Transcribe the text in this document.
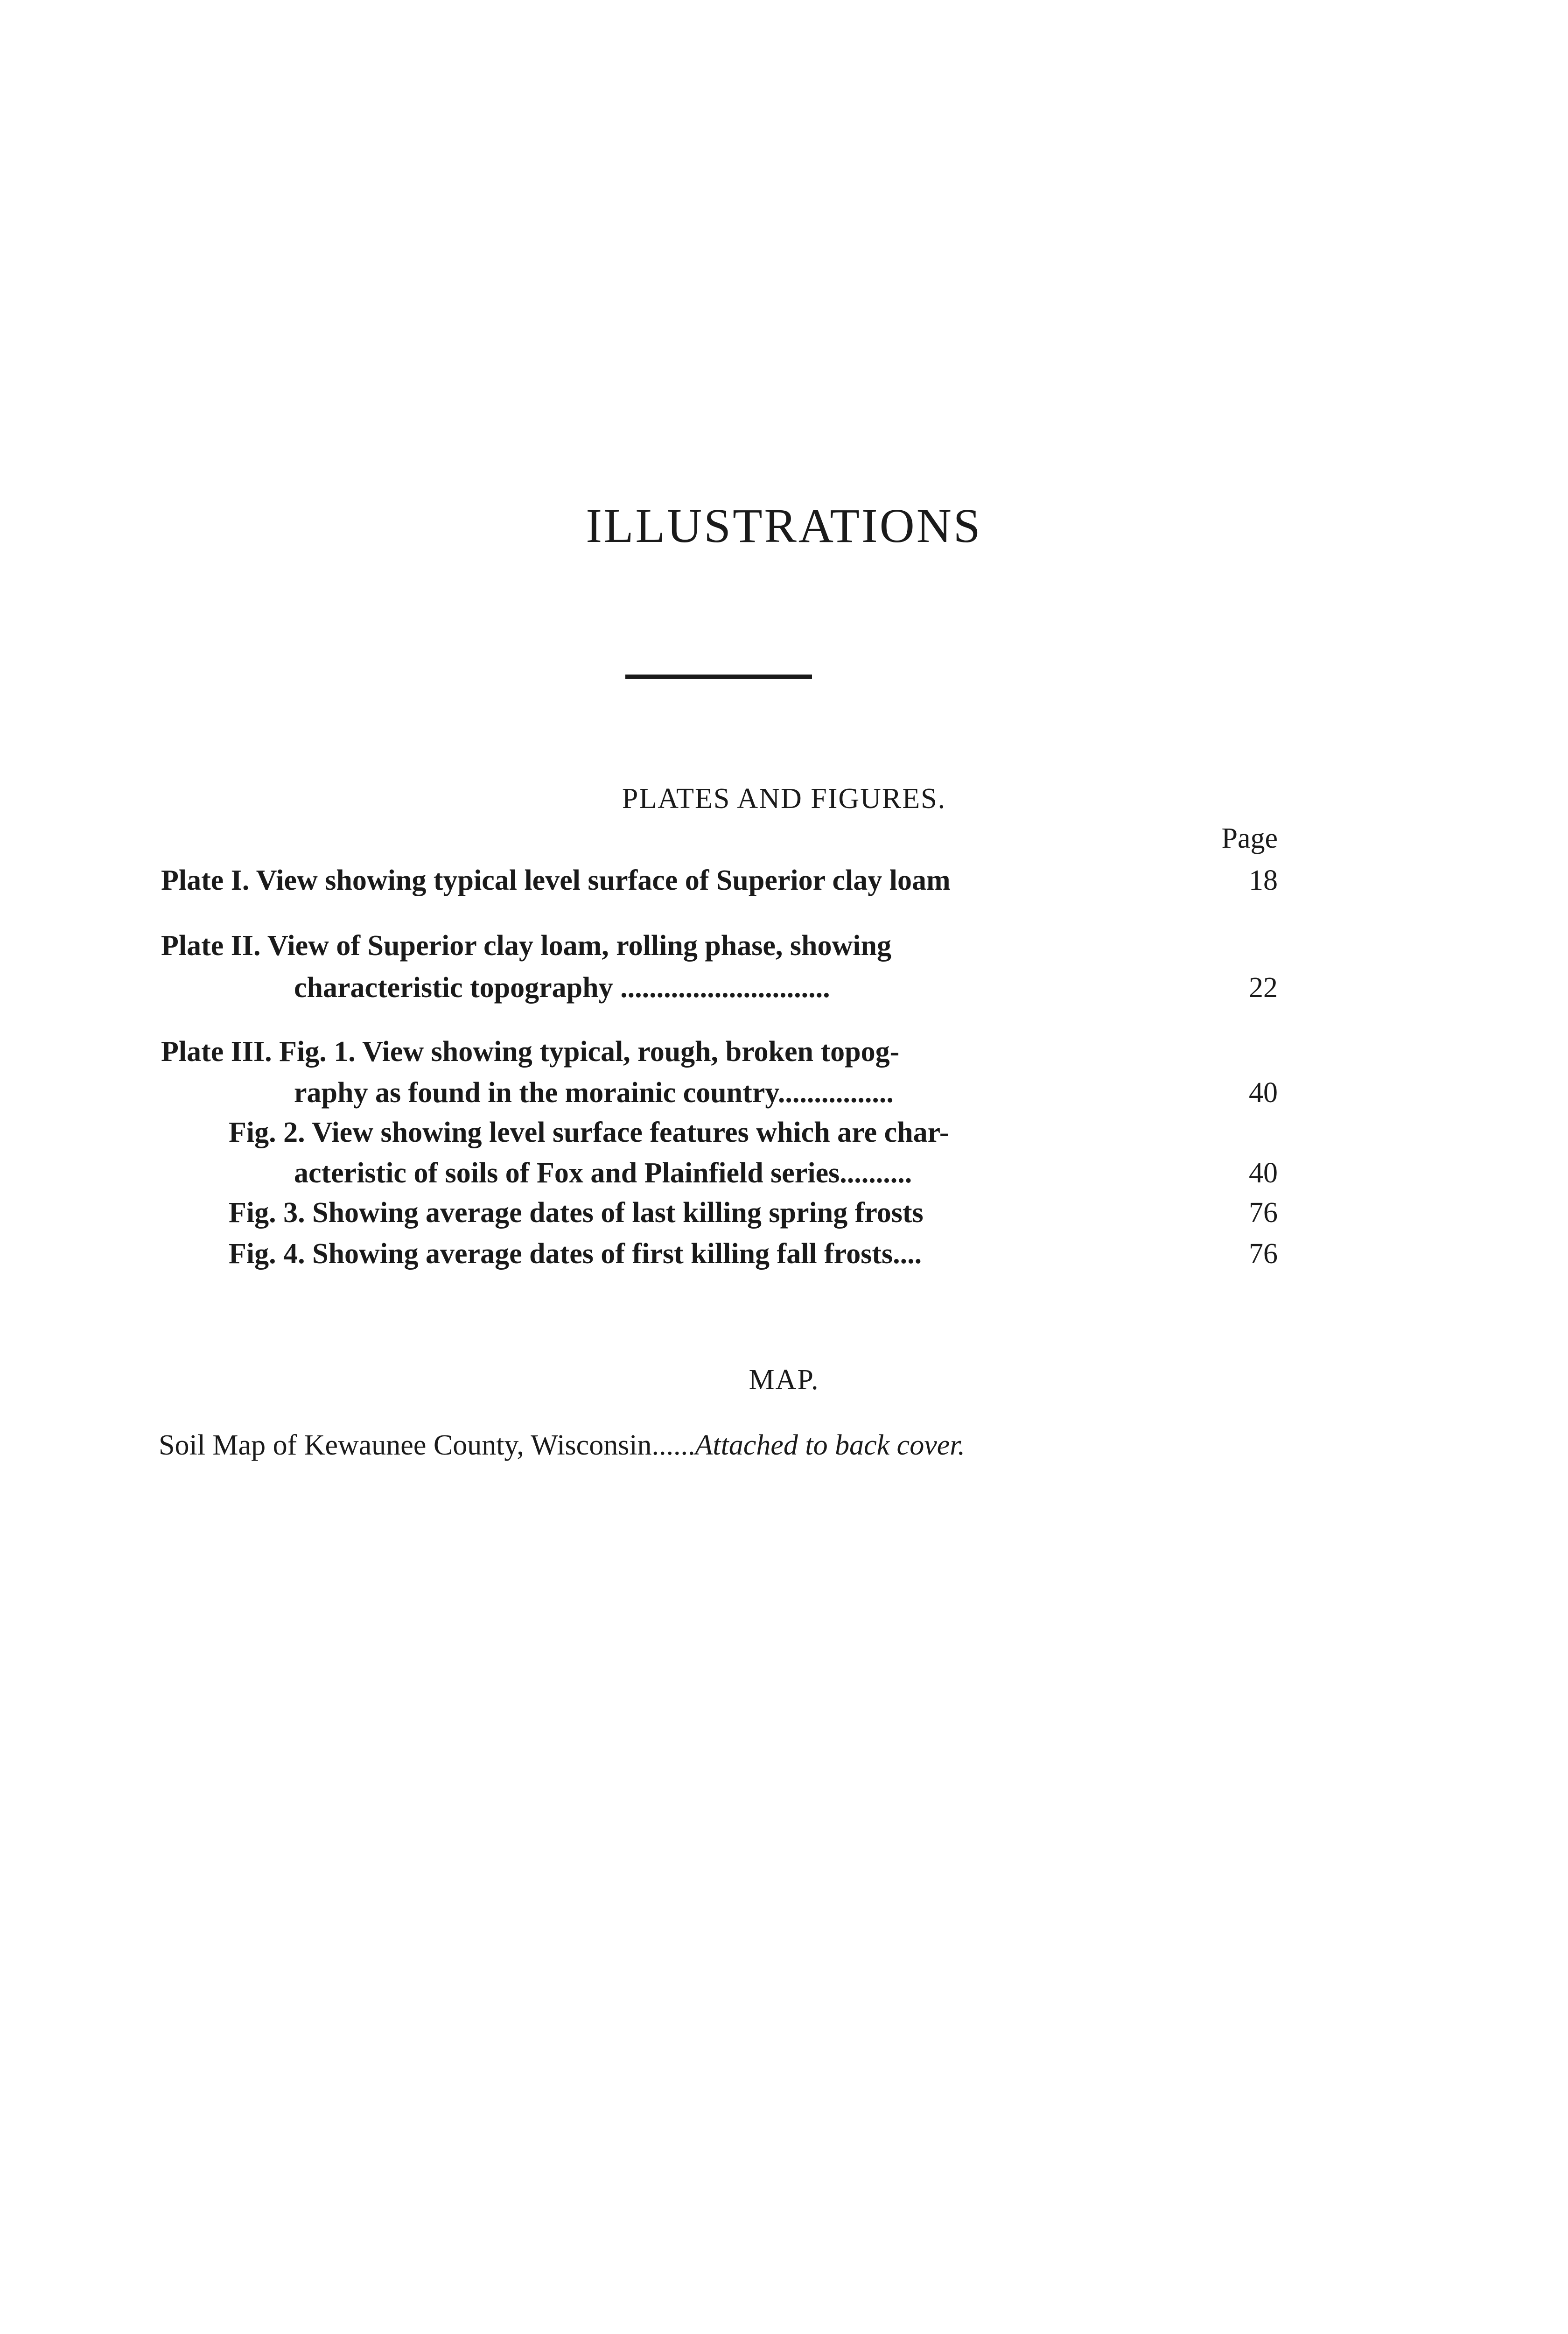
ILLUSTRATIONS
PLATES AND FIGURES.
Page
Plate I. View showing typical level surface of Superior clay loam	18
Plate II. View of Superior clay loam, rolling phase, showing
characteristic topography .............................	22
Plate III. Fig. 1. View showing typical, rough, broken topog-
raphy as found in the morainic country................	40
Fig. 2. View showing level surface features which are char-
acteristic of soils of Fox and Plainfield series..........	40
Fig. 3. Showing average dates of last killing spring frosts	76
Fig. 4. Showing average dates of first killing fall frosts....	76
MAP.
Soil Map of Kewaunee County, Wisconsin......Attached to back cover.
